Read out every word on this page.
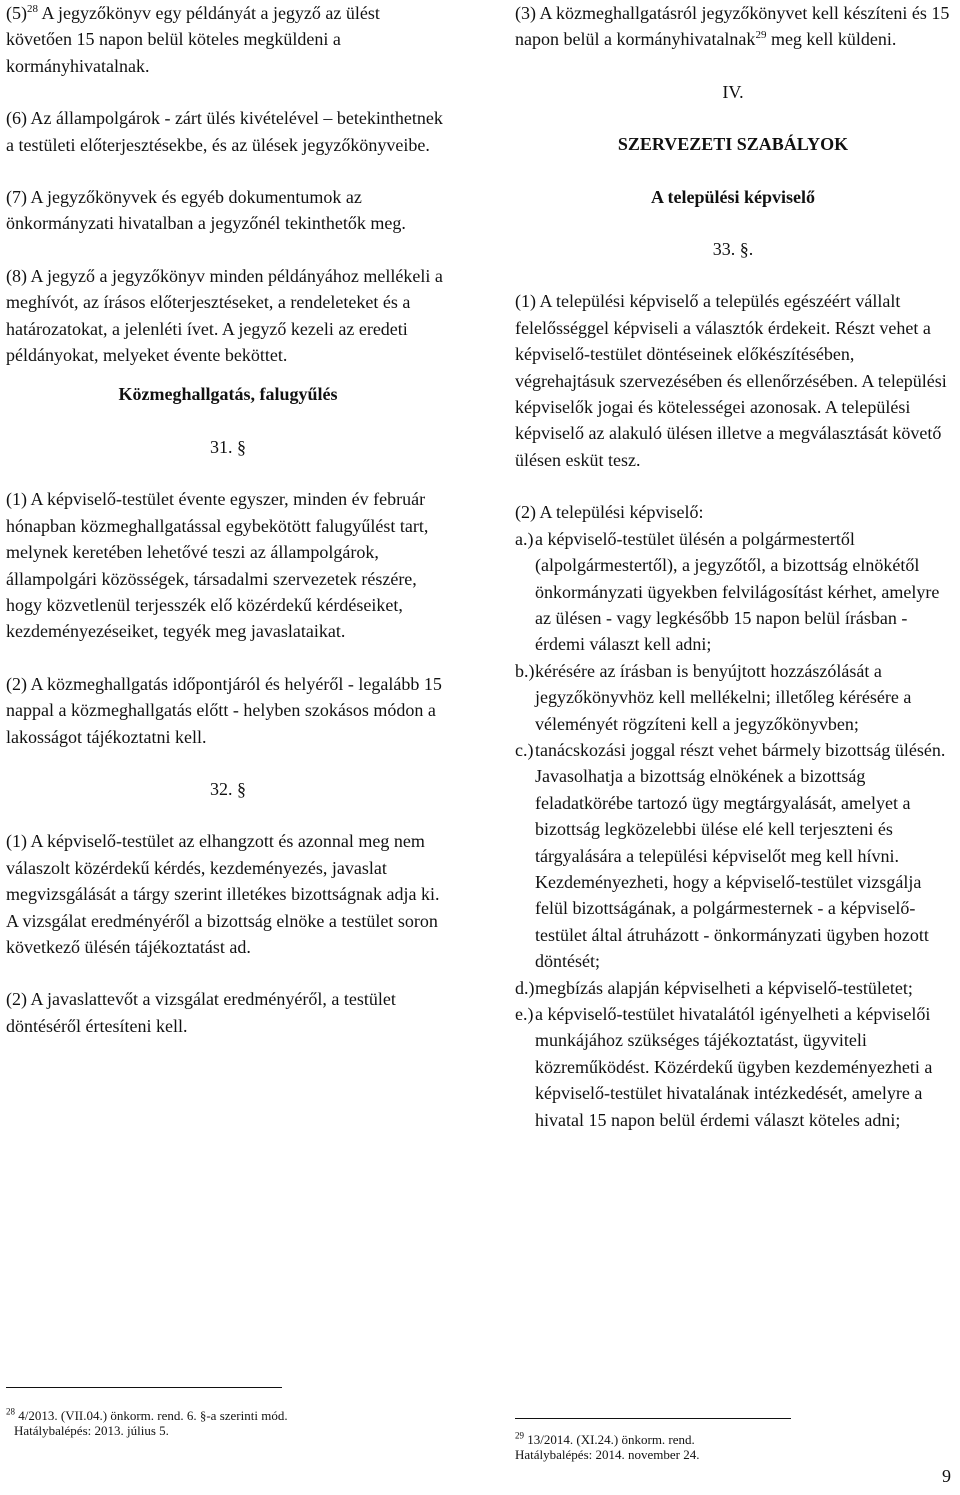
$(5)^{28}$ A jegyzőkönyv egy példányát a jegyző az ülést követően 15 napon belül köteles megküldeni a kormányhivatalnak.

(6) Az állampolgárok - zárt ülés kivételével – betekinthetnek a testületi előterjesztésekbe, és az ülések jegyzőkönyveibe.

(7) A jegyzőkönyvek és egyéb dokumentumok az önkormányzati hivatalban a jegyzőnél tekinthetők meg.

(8) A jegyző a jegyzőkönyv minden példányához mellékeli a meghívót, az írásos előterjesztéseket, a rendeleteket és a határozatokat, a jelenléti ívet. A jegyző kezeli az eredeti példányokat, melyeket évente beköttet.

Közmeghallgatás, falugyűlés

31. §

(1) A képviselő-testület évente egyszer, minden év február hónapban közmeghallgatással egybekötött falugyűlést tart, melynek keretében lehetővé teszi az állampolgárok, állampolgári közösségek, társadalmi szervezetek részére, hogy közvetlenül terjesszék elő közérdekű kérdéseiket, kezdeményezéseiket, tegyék meg javaslataikat.

(2) A közmeghallgatás időpontjáról és helyéről - legalább 15 nappal a közmeghallgatás előtt - helyben szokásos módon a lakosságot tájékoztatni kell.

32. §

(1) A képviselő-testület az elhangzott és azonnal meg nem válaszolt közérdekű kérdés, kezdeményezés, javaslat megvizsgálását a tárgy szerint illetékes bizottságnak adja ki. A vizsgálat eredményéről a bizottság elnöke a testület soron következő ülésén tájékoztatást ad.

(2) A javaslattevőt a vizsgálat eredményéről, a testület döntéséről értesíteni kell.

(3) A közmeghallgatásról jegyzőkönyvet kell készíteni és 15 napon belül a kormányhivatalnak$^{29}$ meg kell küldeni.

IV.

SZERVEZETI SZABÁLYOK

A települési képviselő

33. §.

(1) A települési képviselő a település egészéért vállalt felelősséggel képviseli a választók érdekeit. Részt vehet a képviselő-testület döntéseinek előkészítésében, végrehajtásuk szervezésében és ellenőrzésében. A települési képviselők jogai és kötelességei azonosak. A települési képviselő az alakuló ülésen illetve a megválasztását követő ülésen esküt tesz.

(2) A települési képviselő:

a.) a képviselő-testület ülésén a polgármestertől (alpolgármestertől), a jegyzőtől, a bizottság elnökétől önkormányzati ügyekben felvilágosítást kérhet, amelyre az ülésen - vagy legkésőbb 15 napon belül írásban - érdemi választ kell adni;
b.) kérésére az írásban is benyújtott hozzászólását a jegyzőkönyvhöz kell mellékelni; illetőleg kérésére a véleményét rögzíteni kell a jegyzőkönyvben;
c.) tanácskozási joggal részt vehet bármely bizottság ülésén. Javasolhatja a bizottság elnökének a bizottság feladatkörébe tartozó ügy megtárgyalását, amelyet a bizottság legközelebbi ülése elé kell terjeszteni és tárgyalására a települési képviselőt meg kell hívni. Kezdeményezheti, hogy a képviselő-testület vizsgálja felül bizottságának, a polgármesternek - a képviselő-testület által átruházott - önkormányzati ügyben hozott döntését;
d.) megbízás alapján képviselheti a képviselő-testületet;
e.) a képviselő-testület hivatalától igényelheti a képviselői munkájához szükséges tájékoztatást, ügyviteli közreműködést. Közérdekű ügyben kezdeményezheti a képviselő-testület hivatalának intézkedését, amelyre a hivatal 15 napon belül érdemi választ köteles adni;
$^{28}$ 4/2013. (VII.04.) önkorm. rend. 6. §-a szerinti mód.
Hatálybalépés: 2013. július 5.	$^{29}$ 13/2014. (XI.24.) önkorm. rend.
Hatálybalépés: 2014. november 24.
9
